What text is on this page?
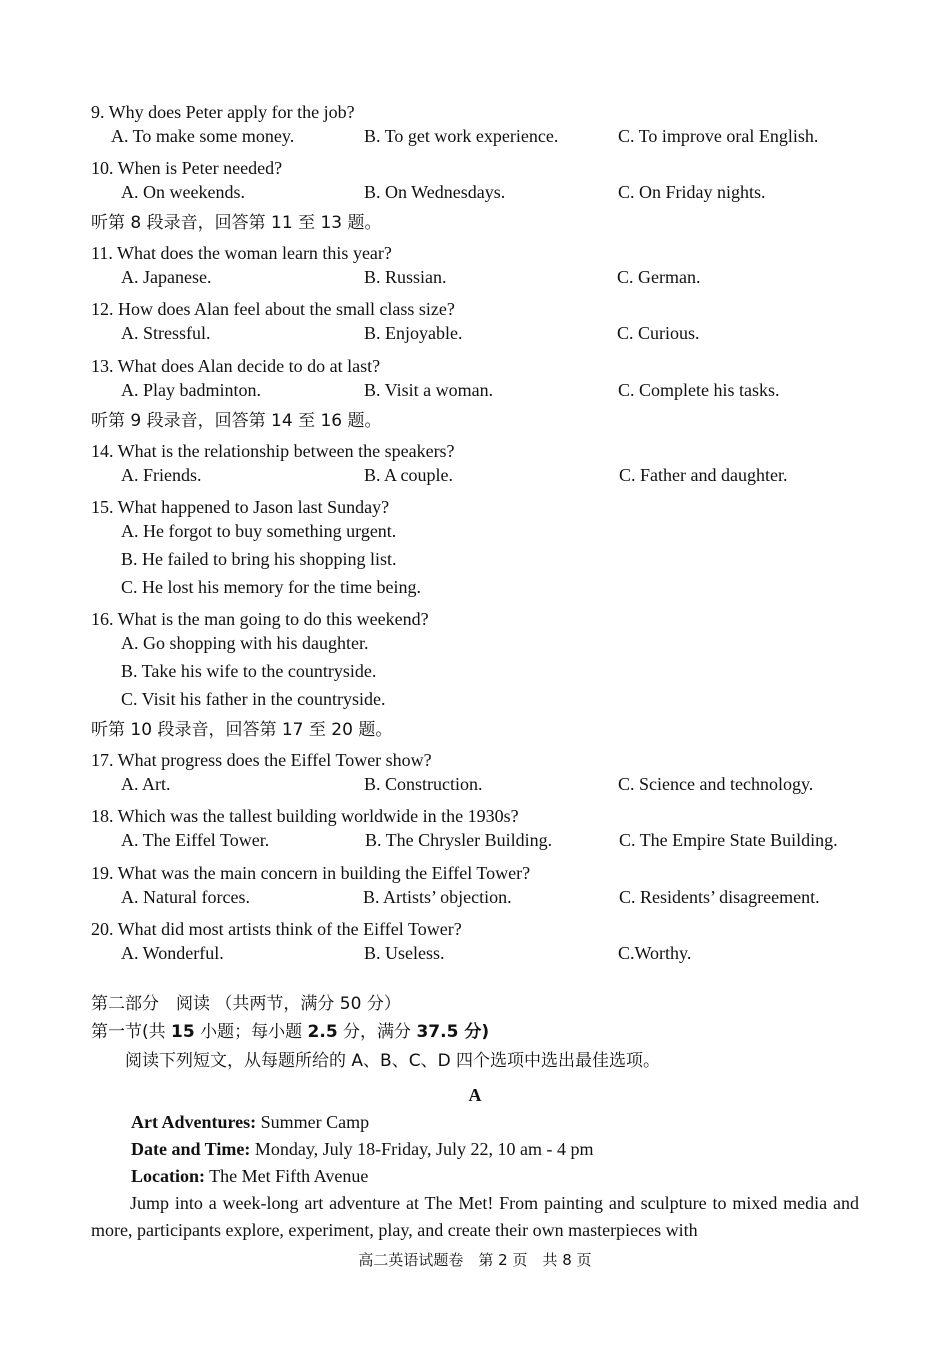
9. Why does Peter apply for the job?
A. To make some money.	B. To get work experience.	C. To improve oral English.
10. When is Peter needed?
A. On weekends.	B. On Wednesdays.	C. On Friday nights.
听第 8 段录音，回答第 11 至 13 题。
11. What does the woman learn this year?
A. Japanese.	B. Russian.	C. German.
12. How does Alan feel about the small class size?
A. Stressful.	B. Enjoyable.	C. Curious.
13. What does Alan decide to do at last?
A. Play badminton.	B. Visit a woman.	C. Complete his tasks.
听第 9 段录音，回答第 14 至 16 题。
14. What is the relationship between the speakers?
A. Friends.	B. A couple.	C. Father and daughter.
15. What happened to Jason last Sunday?
A. He forgot to buy something urgent.
B. He failed to bring his shopping list.
C. He lost his memory for the time being.
16. What is the man going to do this weekend?
A. Go shopping with his daughter.
B. Take his wife to the countryside.
C. Visit his father in the countryside.
听第 10 段录音，回答第 17 至 20 题。
17. What progress does the Eiffel Tower show?
A. Art.	B. Construction.	C. Science and technology.
18. Which was the tallest building worldwide in the 1930s?
A. The Eiffel Tower.	B. The Chrysler Building.	C. The Empire State Building.
19. What was the main concern in building the Eiffel Tower?
A. Natural forces.	B. Artists’ objection.	C. Residents’ disagreement.
20. What did most artists think of the Eiffel Tower?
A. Wonderful.	B. Useless.	C.Worthy.
第二部分　阅读 （共两节，满分 50 分）
第一节(共 15 小题；每小题 2.5 分，满分 37.5 分)
阅读下列短文，从每题所给的 A、B、C、D 四个选项中选出最佳选项。
A
Art Adventures: Summer Camp
Date and Time: Monday, July 18-Friday, July 22, 10 am - 4 pm
Location: The Met Fifth Avenue
Jump into a week-long art adventure at The Met! From painting and sculpture to mixed media and more, participants explore, experiment, play, and create their own masterpieces with
高二英语试题卷　第 2 页　共 8 页
